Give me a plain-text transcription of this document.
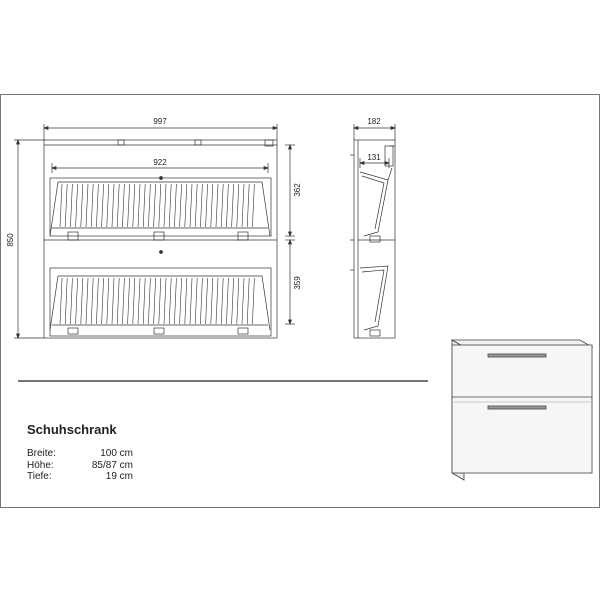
997
922
850
362
359
182
131
Schuhschrank
Breite:	100 cm
Höhe:	85/87 cm
Tiefe:	19 cm
